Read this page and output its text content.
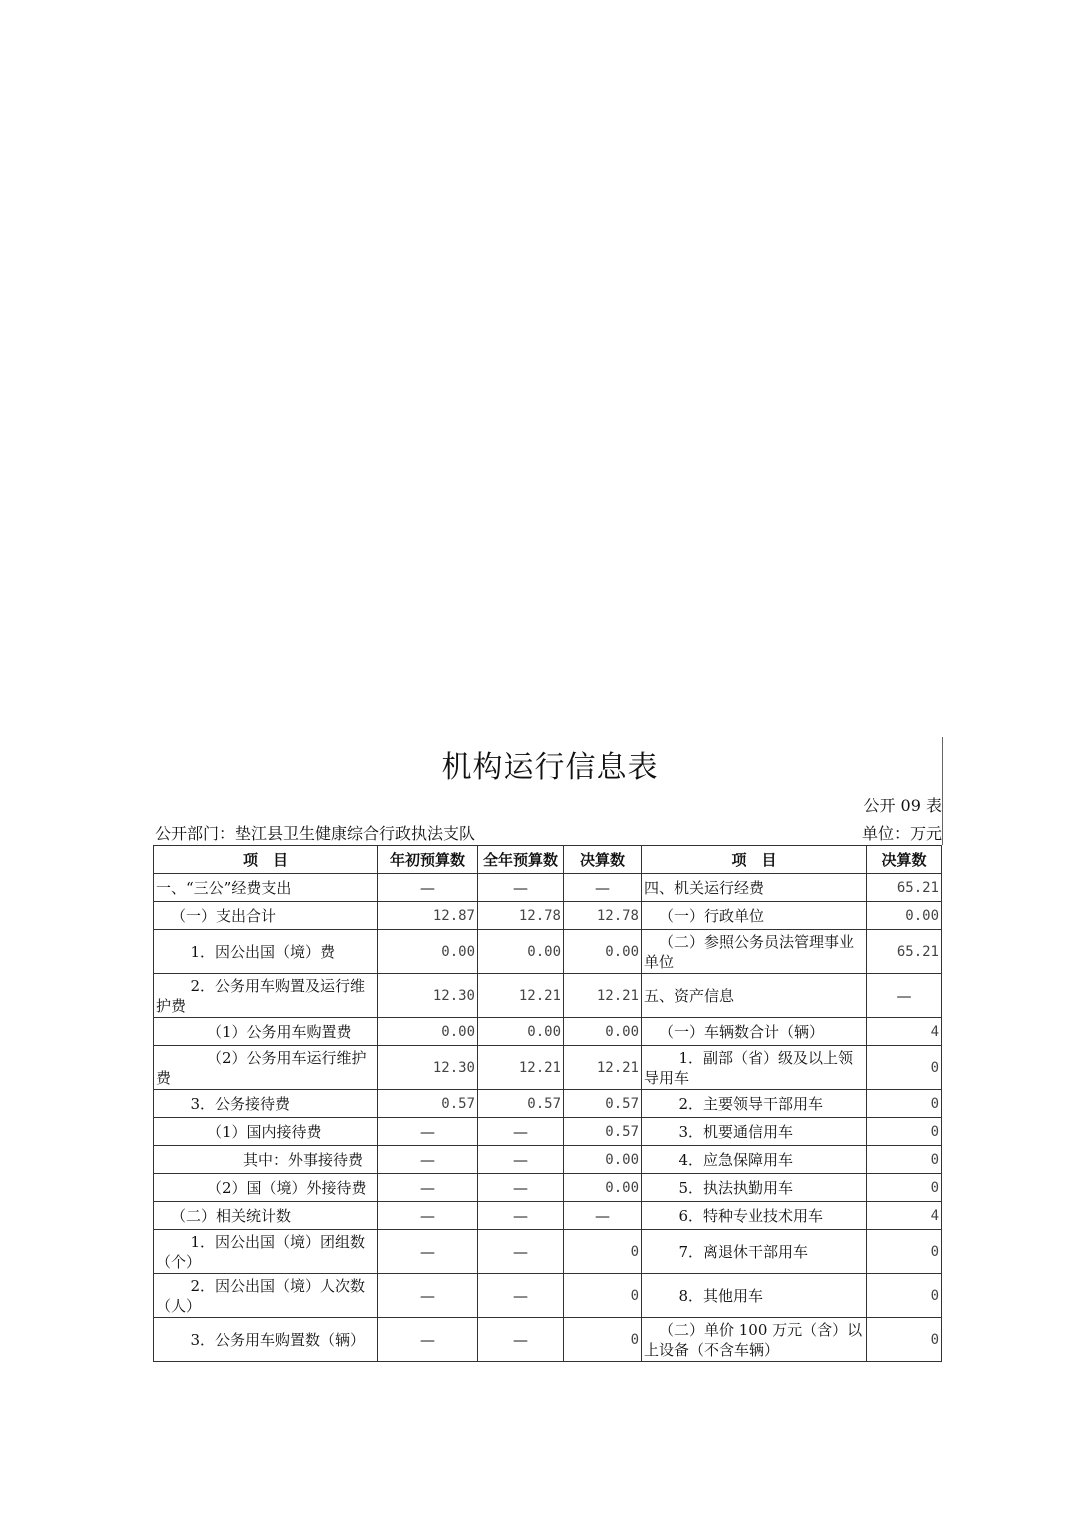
机构运行信息表
公开 09 表
公开部门：垫江县卫生健康综合行政执法支队	单位：万元
项　目	年初预算数	全年预算数	决算数	项　目	决算数
一、“三公”经费支出	—	—	—	四、机关运行经费	65.21
（一）支出合计	12.87	12.78	12.78	（一）行政单位	0.00
1．因公出国（境）费	0.00	0.00	0.00	（二）参照公务员法管理事业单位	65.21
2．公务用车购置及运行维护费	12.30	12.21	12.21	五、资产信息	—
（1）公务用车购置费	0.00	0.00	0.00	（一）车辆数合计（辆）	4
（2）公务用车运行维护费	12.30	12.21	12.21	1．副部（省）级及以上领导用车	0
3．公务接待费	0.57	0.57	0.57	2．主要领导干部用车	0
（1）国内接待费	—	—	0.57	3．机要通信用车	0
其中：外事接待费	—	—	0.00	4．应急保障用车	0
（2）国（境）外接待费	—	—	0.00	5．执法执勤用车	0
（二）相关统计数	—	—	—	6．特种专业技术用车	4
1．因公出国（境）团组数（个）	—	—	0	7．离退休干部用车	0
2．因公出国（境）人次数（人）	—	—	0	8．其他用车	0
3．公务用车购置数（辆）	—	—	0	（二）单价 100 万元（含）以上设备（不含车辆）	0
